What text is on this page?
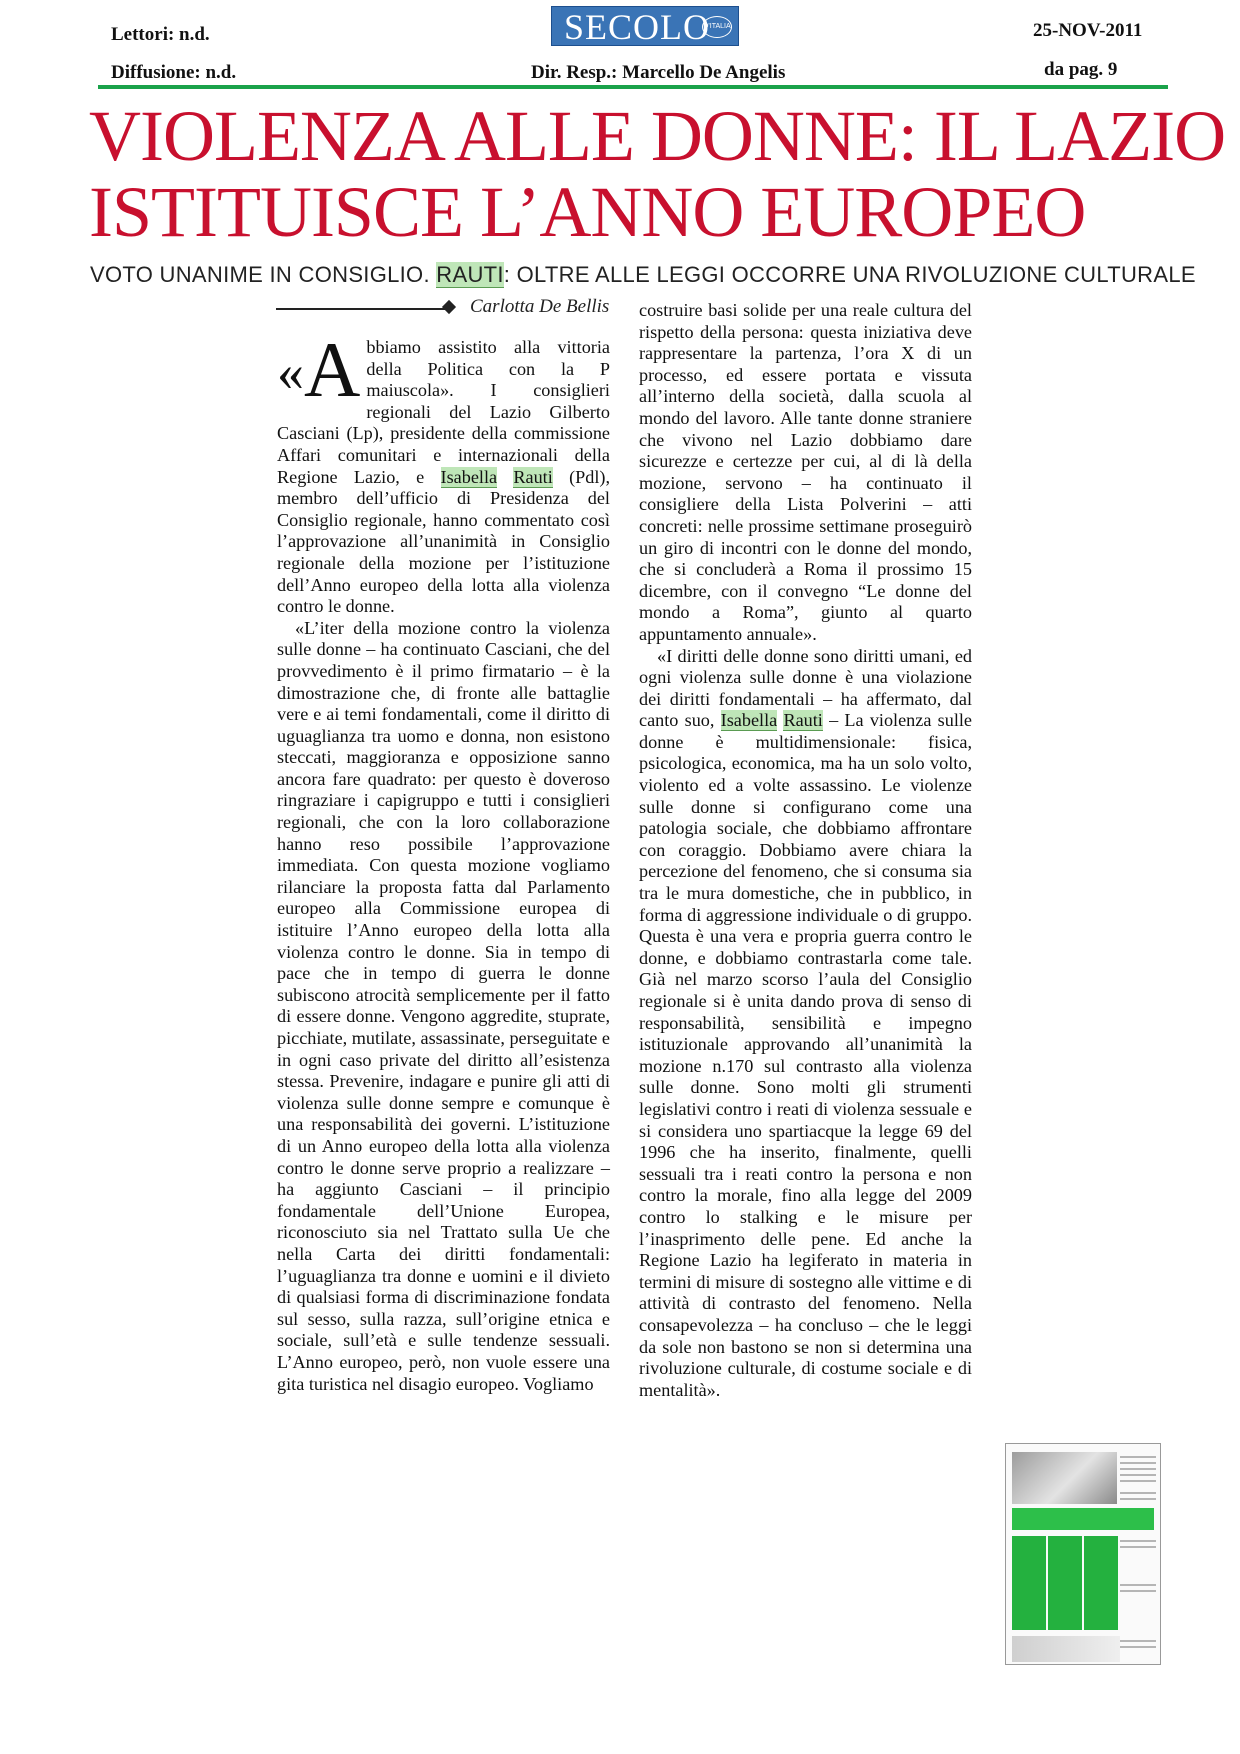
Lettori: n.d.
Diffusione: n.d.
SECOLO
D'ITALIA
Dir. Resp.: Marcello De Angelis
25-NOV-2011
da pag. 9
VIOLENZA ALLE DONNE: IL LAZIO
ISTITUISCE L’ANNO EUROPEO
VOTO UNANIME IN CONSIGLIO. RAUTI: OLTRE ALLE LEGGI OCCORRE UNA RIVOLUZIONE CULTURALE
Carlotta De Bellis

«A bbiamo assistito alla vittoria della Politica con la P maiuscola». I consiglieri regionali del Lazio Gilberto Casciani (Lp), presidente della commissione Affari comunitari e internazionali della Regione Lazio, e Isabella Rauti (Pdl), membro dell’ufficio di Presidenza del Consiglio regionale, hanno commentato così l’approvazione all’unanimità in Consiglio regionale della mozione per l’istituzione dell’Anno europeo della lotta alla violenza contro le donne.

«L’iter della mozione contro la violenza sulle donne – ha continuato Casciani, che del provvedimento è il primo firmatario – è la dimostrazione che, di fronte alle battaglie vere e ai temi fondamentali, come il diritto di uguaglianza tra uomo e donna, non esistono steccati, maggioranza e opposizione sanno ancora fare quadrato: per questo è doveroso ringraziare i capigruppo e tutti i consiglieri regionali, che con la loro collaborazione hanno reso possibile l’approvazione immediata. Con questa mozione vogliamo rilanciare la proposta fatta dal Parlamento europeo alla Commissione europea di istituire l’Anno europeo della lotta alla violenza contro le donne. Sia in tempo di pace che in tempo di guerra le donne subiscono atrocità semplicemente per il fatto di essere donne. Vengono aggredite, stuprate, picchiate, mutilate, assassinate, perseguitate e in ogni caso private del diritto all’esistenza stessa. Prevenire, indagare e punire gli atti di violenza sulle donne sempre e comunque è una responsabilità dei governi. L’istituzione di un Anno europeo della lotta alla violenza contro le donne serve proprio a realizzare – ha aggiunto Casciani – il principio fondamentale dell’Unione Europea, riconosciuto sia nel Trattato sulla Ue che nella Carta dei diritti fondamentali: l’uguaglianza tra donne e uomini e il divieto di qualsiasi forma di discriminazione fondata sul sesso, sulla razza, sull’origine etnica e sociale, sull’età e sulle tendenze sessuali. L’Anno europeo, però, non vuole essere una gita turistica nel disagio europeo. Vogliamo

costruire basi solide per una reale cultura del rispetto della persona: questa iniziativa deve rappresentare la partenza, l’ora X di un processo, ed essere portata e vissuta all’interno della società, dalla scuola al mondo del lavoro. Alle tante donne straniere che vivono nel Lazio dobbiamo dare sicurezze e certezze per cui, al di là della mozione, servono – ha continuato il consigliere della Lista Polverini – atti concreti: nelle prossime settimane proseguirò un giro di incontri con le donne del mondo, che si concluderà a Roma il prossimo 15 dicembre, con il convegno “Le donne del mondo a Roma”, giunto al quarto appuntamento annuale».

«I diritti delle donne sono diritti umani, ed ogni violenza sulle donne è una violazione dei diritti fondamentali – ha affermato, dal canto suo, Isabella Rauti – La violenza sulle donne è multidimensionale: fisica, psicologica, economica, ma ha un solo volto, violento ed a volte assassino. Le violenze sulle donne si configurano come una patologia sociale, che dobbiamo affrontare con coraggio. Dobbiamo avere chiara la percezione del fenomeno, che si consuma sia tra le mura domestiche, che in pubblico, in forma di aggressione individuale o di gruppo. Questa è una vera e propria guerra contro le donne, e dobbiamo contrastarla come tale. Già nel marzo scorso l’aula del Consiglio regionale si è unita dando prova di senso di responsabilità, sensibilità e impegno istituzionale approvando all’unanimità la mozione n.170 sul contrasto alla violenza sulle donne. Sono molti gli strumenti legislativi contro i reati di violenza sessuale e si considera uno spartiacque la legge 69 del 1996 che ha inserito, finalmente, quelli sessuali tra i reati contro la persona e non contro la morale, fino alla legge del 2009 contro lo stalking e le misure per l’inasprimento delle pene. Ed anche la Regione Lazio ha legiferato in materia in termini di misure di sostegno alle vittime e di attività di contrasto del fenomeno. Nella consapevolezza – ha concluso – che le leggi da sole non bastono se non si determina una rivoluzione culturale, di costume sociale e di mentalità».
